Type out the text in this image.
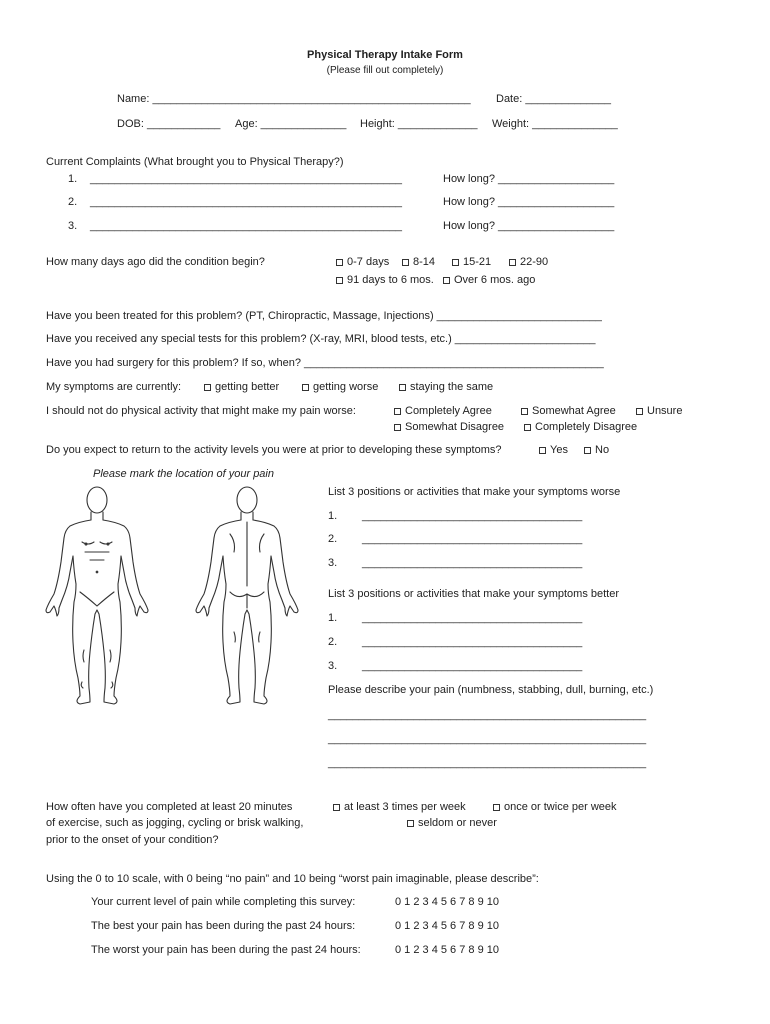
Physical Therapy Intake Form
(Please fill out completely)
Name: ____________________________________________________ Date: ______________
DOB: ____________ Age: ______________ Height: _____________ Weight: ______________
Current Complaints (What brought you to Physical Therapy?)
1. ___________________________________________________	How long? ___________________
2. ___________________________________________________	How long? ___________________
3. ___________________________________________________	How long? ___________________
How many days ago did the condition begin?	0-7 days	8-14	15-21	22-90
91 days to 6 mos.	Over 6 mos. ago
Have you been treated for this problem? (PT, Chiropractic, Massage, Injections) ___________________________
Have you received any special tests for this problem? (X-ray, MRI, blood tests, etc.) _______________________
Have you had surgery for this problem? If so, when? _________________________________________________
My symptoms are currently:	getting better	getting worse	staying the same
I should not do physical activity that might make my pain worse:	Completely Agree	Somewhat Agree	Unsure
Somewhat Disagree	Completely Disagree
Do you expect to return to the activity levels you were at prior to developing these symptoms?	Yes	No
Please mark the location of your pain
List 3 positions or activities that make your symptoms worse
1. ____________________________________
2. ____________________________________
3. ____________________________________
List 3 positions or activities that make your symptoms better
1. ____________________________________
2. ____________________________________
3. ____________________________________
Please describe your pain (numbness, stabbing, dull, burning, etc.)
____________________________________________________
____________________________________________________
____________________________________________________
How often have you completed at least 20 minutes
of exercise, such as jogging, cycling or brisk walking,
prior to the onset of your condition?
at least 3 times per week	once or twice per week
seldom or never
Using the 0 to 10 scale, with 0 being “no pain” and 10 being “worst pain imaginable, please describe”:
Your current level of pain while completing this survey:	0 1 2 3 4 5 6 7 8 9 10
The best your pain has been during the past 24 hours:	0 1 2 3 4 5 6 7 8 9 10
The worst your pain has been during the past 24 hours:	0 1 2 3 4 5 6 7 8 9 10
